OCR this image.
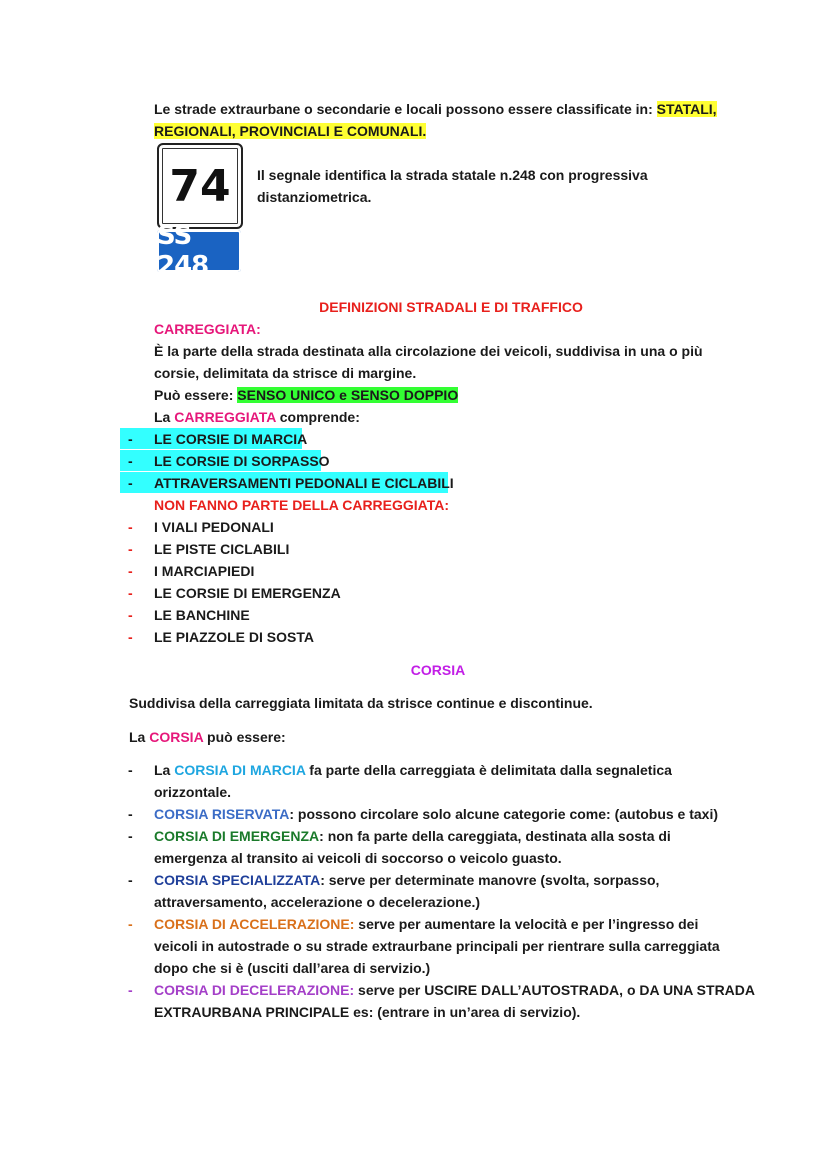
Le strade extraurbane o secondarie e locali possono essere classificate in: STATALI,
REGIONALI, PROVINCIALI E COMUNALI.
74
SS 248
Il segnale identifica la strada statale n.248 con progressiva
distanziometrica.
DEFINIZIONI STRADALI E DI TRAFFICO
CARREGGIATA:
È la parte della strada destinata alla circolazione dei veicoli, suddivisa in una o più
corsie, delimitata da strisce di margine.
Può essere: SENSO UNICO e SENSO DOPPIO
La CARREGGIATA comprende:
-
-
-
LE CORSIE DI MARCIA
LE CORSIE DI SORPASSO
ATTRAVERSAMENTI PEDONALI E CICLABILI
NON FANNO PARTE DELLA CARREGGIATA:
-
-
-
-
-
-
I VIALI PEDONALI
LE PISTE CICLABILI
I MARCIAPIEDI
LE CORSIE DI EMERGENZA
LE BANCHINE
LE PIAZZOLE DI SOSTA
CORSIA
Suddivisa della carreggiata limitata da strisce continue e discontinue.
La CORSIA può essere:
- La CORSIA DI MARCIA fa parte della carreggiata è delimitata dalla segnaletica
orizzontale.
- CORSIA RISERVATA: possono circolare solo alcune categorie come: (autobus e taxi)
- CORSIA DI EMERGENZA: non fa parte della careggiata, destinata alla sosta di
emergenza al transito ai veicoli di soccorso o veicolo guasto.
- CORSIA SPECIALIZZATA: serve per determinate manovre (svolta, sorpasso,
attraversamento, accelerazione o decelerazione.)
- CORSIA DI ACCELERAZIONE: serve per aumentare la velocità e per l’ingresso dei
veicoli in autostrade o su strade extraurbane principali per rientrare sulla carreggiata
dopo che si è (usciti dall’area di servizio.)
- CORSIA DI DECELERAZIONE: serve per USCIRE DALL’AUTOSTRADA, o DA UNA STRADA
EXTRAURBANA PRINCIPALE es: (entrare in un’area di servizio).
